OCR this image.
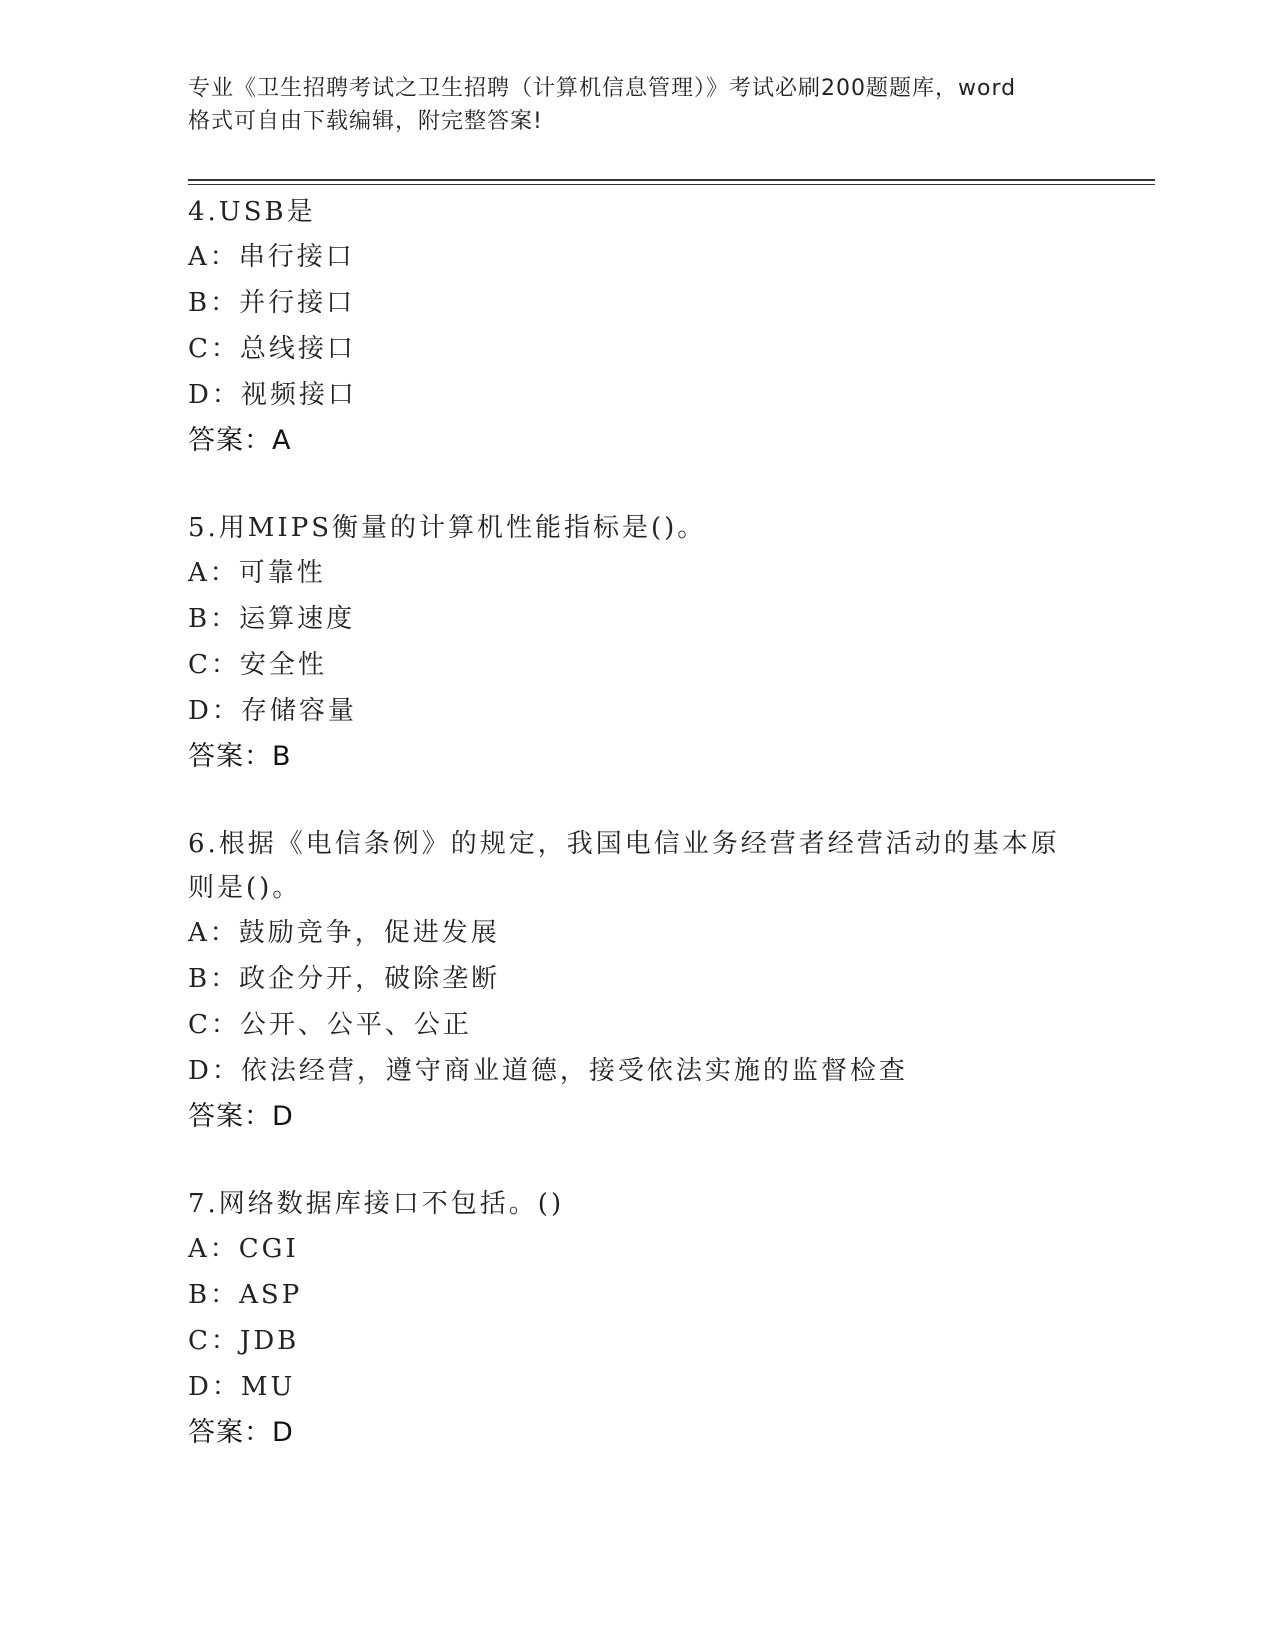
专业《卫生招聘考试之卫生招聘（计算机信息管理）》考试必刷200题题库，word
格式可自由下载编辑，附完整答案!
4.USB是
A：串行接口
B：并行接口
C：总线接口
D：视频接口
答案：A
5.用MIPS衡量的计算机性能指标是()。
A：可靠性
B：运算速度
C：安全性
D：存储容量
答案：B
6.根据《电信条例》的规定，我国电信业务经营者经营活动的基本原则是()。
A：鼓励竞争，促进发展
B：政企分开，破除垄断
C：公开、公平、公正
D：依法经营，遵守商业道德，接受依法实施的监督检查
答案：D
7.网络数据库接口不包括。()
A：CGI
B：ASP
C：JDB
D：MU
答案：D
